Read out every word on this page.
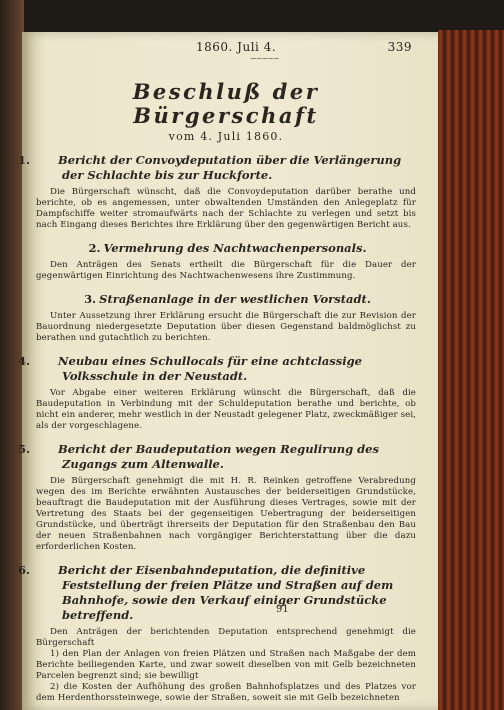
1860. Juli 4.
~~~~~
339
Beschluß der Bürgerschaft
vom 4. Juli 1860.
1. Bericht der Convoydeputation über die Verlängerung der Schlachte bis zur Huckforte.

Die Bürgerschaft wünscht, daß die Convoydeputation darüber berathe und berichte, ob es angemessen, unter obwaltenden Umständen den Anlegeplatz für Dampfschiffe weiter stromaufwärts nach der Schlachte zu verlegen und setzt bis nach Eingang dieses Berichtes ihre Erklärung über den gegenwärtigen Bericht aus.

2. Vermehrung des Nachtwachenpersonals.

Den Anträgen des Senats ertheilt die Bürgerschaft für die Dauer der gegenwärtigen Einrichtung des Nachtwachenwesens ihre Zustimmung.

3. Straßenanlage in der westlichen Vorstadt.

Unter Aussetzung ihrer Erklärung ersucht die Bürgerschaft die zur Revision der Bauordnung niedergesetzte Deputation über diesen Gegenstand baldmöglichst zu berathen und gutachtlich zu berichten.

4. Neubau eines Schullocals für eine achtclassige Volksschule in der Neustadt.

Vor Abgabe einer weiteren Erklärung wünscht die Bürgerschaft, daß die Baudeputation in Verbindung mit der Schuldeputation berathe und berichte, ob nicht ein anderer, mehr westlich in der Neustadt gelegener Platz, zweckmäßiger sei, als der vorgeschlagene.

5. Bericht der Baudeputation wegen Regulirung des Zugangs zum Altenwalle.

Die Bürgerschaft genehmigt die mit H. R. Reinken getroffene Verabredung wegen des im Berichte erwähnten Austausches der beiderseitigen Grundstücke, beauftragt die Baudeputation mit der Ausführung dieses Vertrages, sowie mit der Vertretung des Staats bei der gegenseitigen Uebertragung der beiderseitigen Grundstücke, und überträgt ihrerseits der Deputation für den Straßenbau den Bau der neuen Straßenbahnen nach vorgängiger Berichterstattung über die dazu erforderlichen Kosten.

6. Bericht der Eisenbahndeputation, die definitive Feststellung der freien Plätze und Straßen auf dem Bahnhofe, sowie den Verkauf einiger Grundstücke betreffend.

Den Anträgen der berichtenden Deputation entsprechend genehmigt die Bürgerschaft

1) den Plan der Anlagen von freien Plätzen und Straßen nach Maßgabe der dem Berichte beiliegenden Karte, und zwar soweit dieselben von mit Gelb bezeichneten Parcelen begrenzt sind; sie bewilligt

2) die Kosten der Aufhöhung des großen Bahnhofsplatzes und des Platzes vor dem Herdenthorssteinwege, sowie der Straßen, soweit sie mit Gelb bezeichneten

91
